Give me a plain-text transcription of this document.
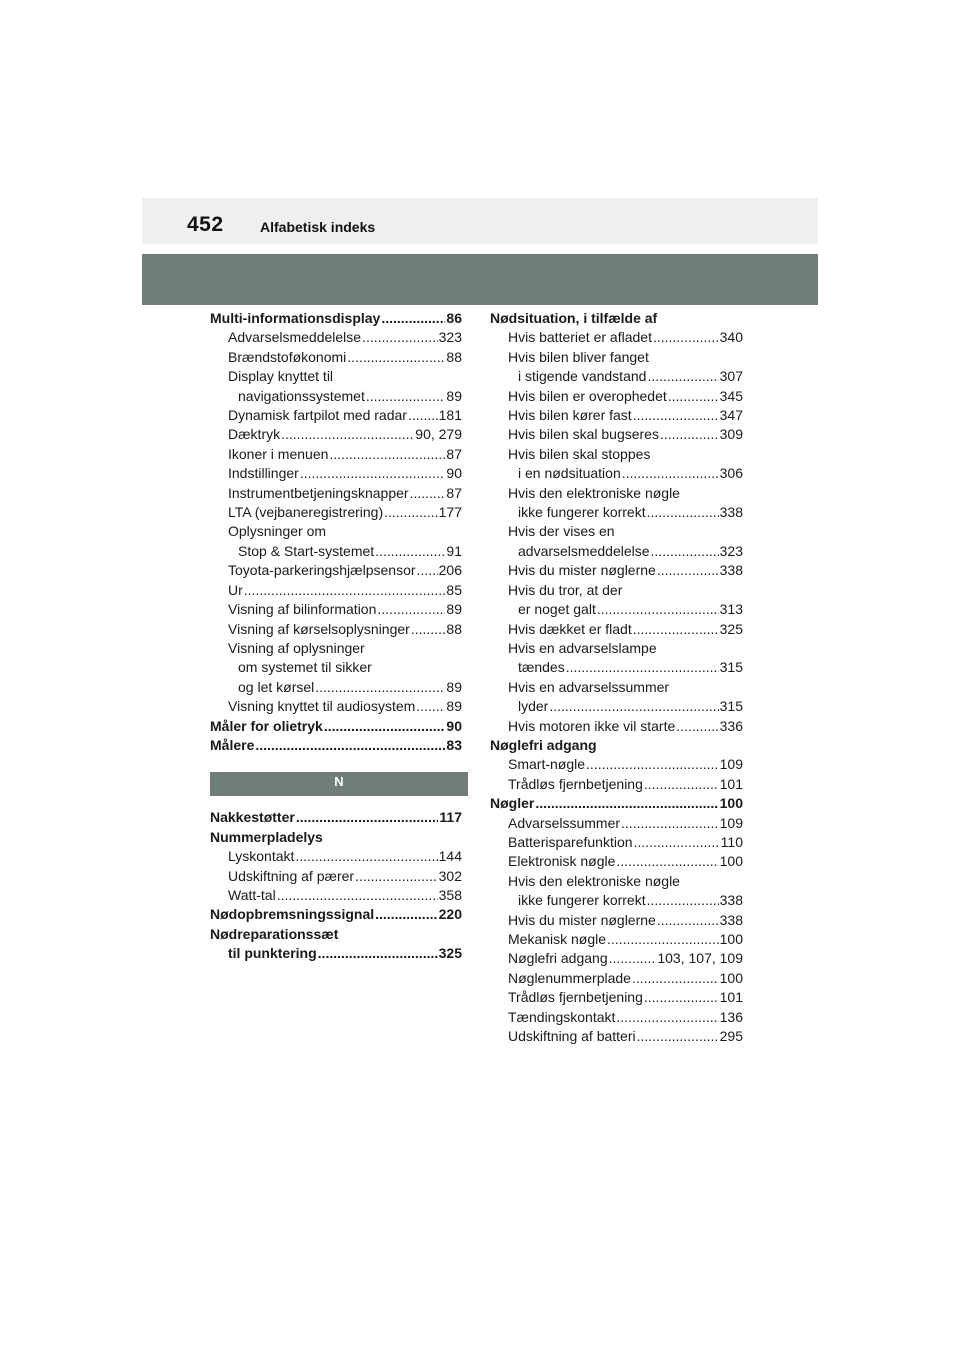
452	Alfabetisk indeks
Multi-informationsdisplay .....	86
Advarselsmeddelelse .....	323
Brændstoføkonomi .....	88
Display knyttet til
navigationssystemet .....	89
Dynamisk fartpilot med radar ..... 181
Dæktryk .....	90, 279
Ikoner i menuen .....	87
Indstillinger .....	90
Instrumentbetjeningsknapper .....	87
LTA (vejbaneregistrering) .....	177
Oplysninger om
Stop & Start-systemet .....	91
Toyota-parkeringshjælpsensor ..... 206
Ur .....	85
Visning af bilinformation .....	89
Visning af kørselsoplysninger .....	88
Visning af oplysninger
om systemet til sikker
og let kørsel .....	89
Visning knyttet til audiosystem ..... 89
Måler for olietryk .....	90
Målere .....	83
N
Nakkestøtter .....	117
Nummerpladelys
Lyskontakt .....	144
Udskiftning af pærer .....	302
Watt-tal .....	358
Nødopbremsningssignal .....	220
Nødreparationssæt
til punktering .....	325
Nødsituation, i tilfælde af
Hvis batteriet er afladet .....	340
Hvis bilen bliver fanget
i stigende vandstand .....	307
Hvis bilen er overophedet .....	345
Hvis bilen kører fast .....	347
Hvis bilen skal bugseres .....	309
Hvis bilen skal stoppes
i en nødsituation .....	306
Hvis den elektroniske nøgle
ikke fungerer korrekt .....	338
Hvis der vises en
advarselsmeddelelse .....	323
Hvis du mister nøglerne .....	338
Hvis du tror, at der
er noget galt .....	313
Hvis dækket er fladt .....	325
Hvis en advarselslampe
tændes .....	315
Hvis en advarselssummer
lyder .....	315
Hvis motoren ikke vil starte .....	336
Nøglefri adgang
Smart-nøgle .....	109
Trådløs fjernbetjening .....	101
Nøgler .....	100
Advarselssummer .....	109
Batterisparefunktion .....	110
Elektronisk nøgle .....	100
Hvis den elektroniske nøgle
ikke fungerer korrekt .....	338
Hvis du mister nøglerne .....	338
Mekanisk nøgle .....	100
Nøglefri adgang .....	103, 107, 109
Nøglenummerplade .....	100
Trådløs fjernbetjening .....	101
Tændingskontakt .....	136
Udskiftning af batteri .....	295
